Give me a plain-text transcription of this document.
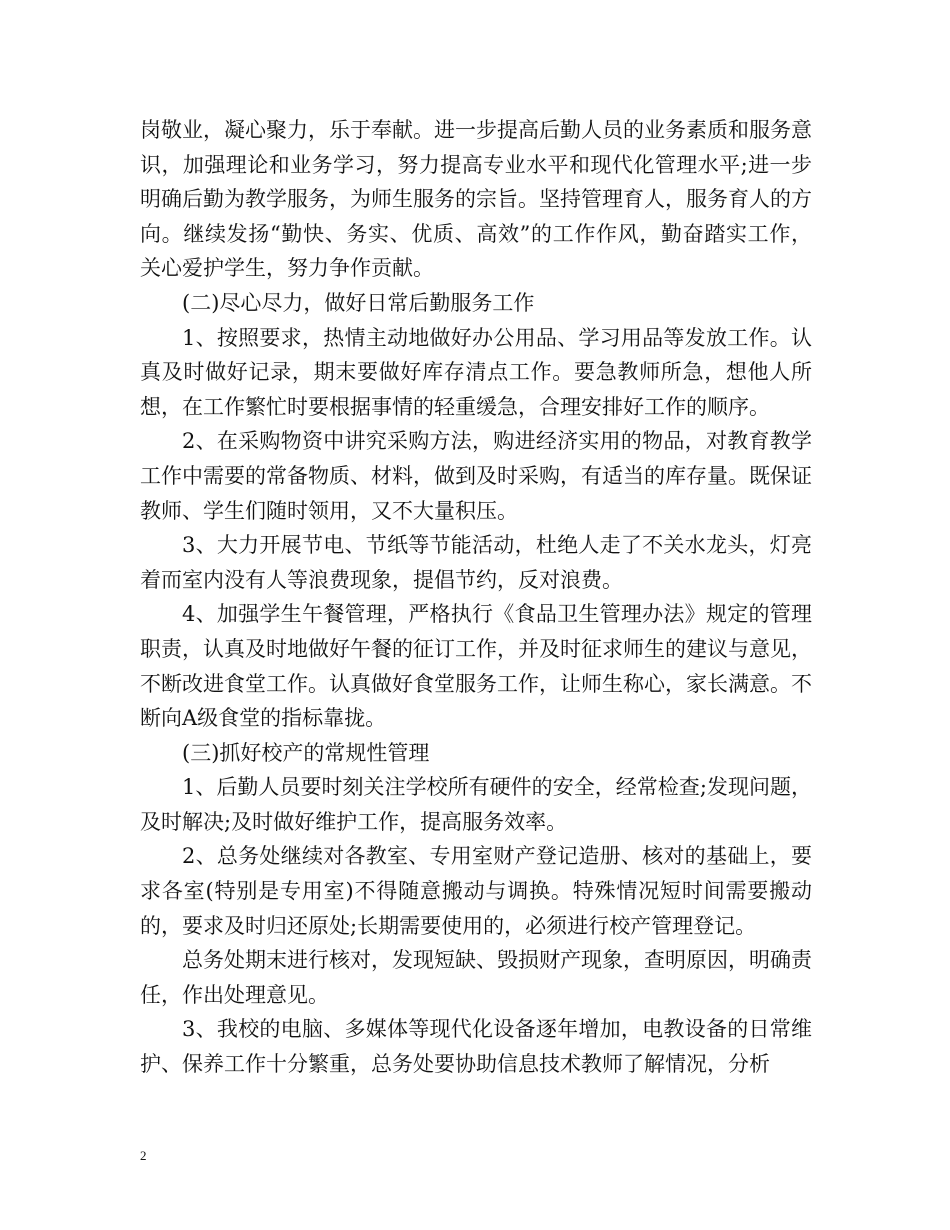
岗敬业，凝心聚力，乐于奉献。进一步提高后勤人员的业务素质和服务意识，加强理论和业务学习，努力提高专业水平和现代化管理水平;进一步明确后勤为教学服务，为师生服务的宗旨。坚持管理育人，服务育人的方向。继续发扬“勤快、务实、优质、高效”的工作作风，勤奋踏实工作，关心爱护学生，努力争作贡献。

(二)尽心尽力，做好日常后勤服务工作

1、按照要求，热情主动地做好办公用品、学习用品等发放工作。认真及时做好记录，期末要做好库存清点工作。要急教师所急，想他人所想，在工作繁忙时要根据事情的轻重缓急，合理安排好工作的顺序。

2、在采购物资中讲究采购方法，购进经济实用的物品，对教育教学工作中需要的常备物质、材料，做到及时采购，有适当的库存量。既保证教师、学生们随时领用，又不大量积压。

3、大力开展节电、节纸等节能活动，杜绝人走了不关水龙头，灯亮着而室内没有人等浪费现象，提倡节约，反对浪费。

4、加强学生午餐管理，严格执行《食品卫生管理办法》规定的管理职责，认真及时地做好午餐的征订工作，并及时征求师生的建议与意见，不断改进食堂工作。认真做好食堂服务工作，让师生称心，家长满意。不断向A级食堂的指标靠拢。

(三)抓好校产的常规性管理

1、后勤人员要时刻关注学校所有硬件的安全，经常检查;发现问题，及时解决;及时做好维护工作，提高服务效率。

2、总务处继续对各教室、专用室财产登记造册、核对的基础上，要求各室(特别是专用室)不得随意搬动与调换。特殊情况短时间需要搬动的，要求及时归还原处;长期需要使用的，必须进行校产管理登记。

总务处期末进行核对，发现短缺、毁损财产现象，查明原因，明确责任，作出处理意见。

3、我校的电脑、多媒体等现代化设备逐年增加，电教设备的日常维护、保养工作十分繁重，总务处要协助信息技术教师了解情况，分析

2
